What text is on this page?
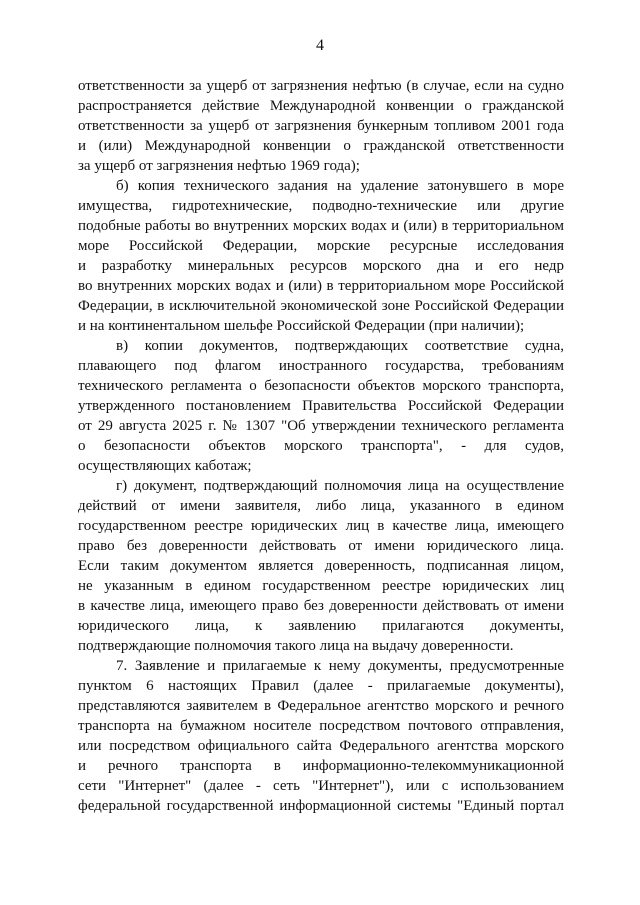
4
ответственности за ущерб от загрязнения нефтью (в случае, если на судно
распространяется действие Международной конвенции о гражданской
ответственности за ущерб от загрязнения бункерным топливом 2001 года
и (или) Международной конвенции о гражданской ответственности
за ущерб от загрязнения нефтью 1969 года);
б) копия технического задания на удаление затонувшего в море
имущества, гидротехнические, подводно-технические или другие
подобные работы во внутренних морских водах и (или) в территориальном
море Российской Федерации, морские ресурсные исследования
и разработку минеральных ресурсов морского дна и его недр
во внутренних морских водах и (или) в территориальном море Российской
Федерации, в исключительной экономической зоне Российской Федерации
и на континентальном шельфе Российской Федерации (при наличии);
в) копии документов, подтверждающих соответствие судна,
плавающего под флагом иностранного государства, требованиям
технического регламента о безопасности объектов морского транспорта,
утвержденного постановлением Правительства Российской Федерации
от 29 августа 2025 г. № 1307 "Об утверждении технического регламента
о безопасности объектов морского транспорта", - для судов,
осуществляющих каботаж;
г) документ, подтверждающий полномочия лица на осуществление
действий от имени заявителя, либо лица, указанного в едином
государственном реестре юридических лиц в качестве лица, имеющего
право без доверенности действовать от имени юридического лица.
Если таким документом является доверенность, подписанная лицом,
не указанным в едином государственном реестре юридических лиц
в качестве лица, имеющего право без доверенности действовать от имени
юридического лица, к заявлению прилагаются документы,
подтверждающие полномочия такого лица на выдачу доверенности.
7. Заявление и прилагаемые к нему документы, предусмотренные
пунктом 6 настоящих Правил (далее - прилагаемые документы),
представляются заявителем в Федеральное агентство морского и речного
транспорта на бумажном носителе посредством почтового отправления,
или посредством официального сайта Федерального агентства морского
и речного транспорта в информационно-телекоммуникационной
сети "Интернет" (далее - сеть "Интернет"), или с использованием
федеральной государственной информационной системы "Единый портал
